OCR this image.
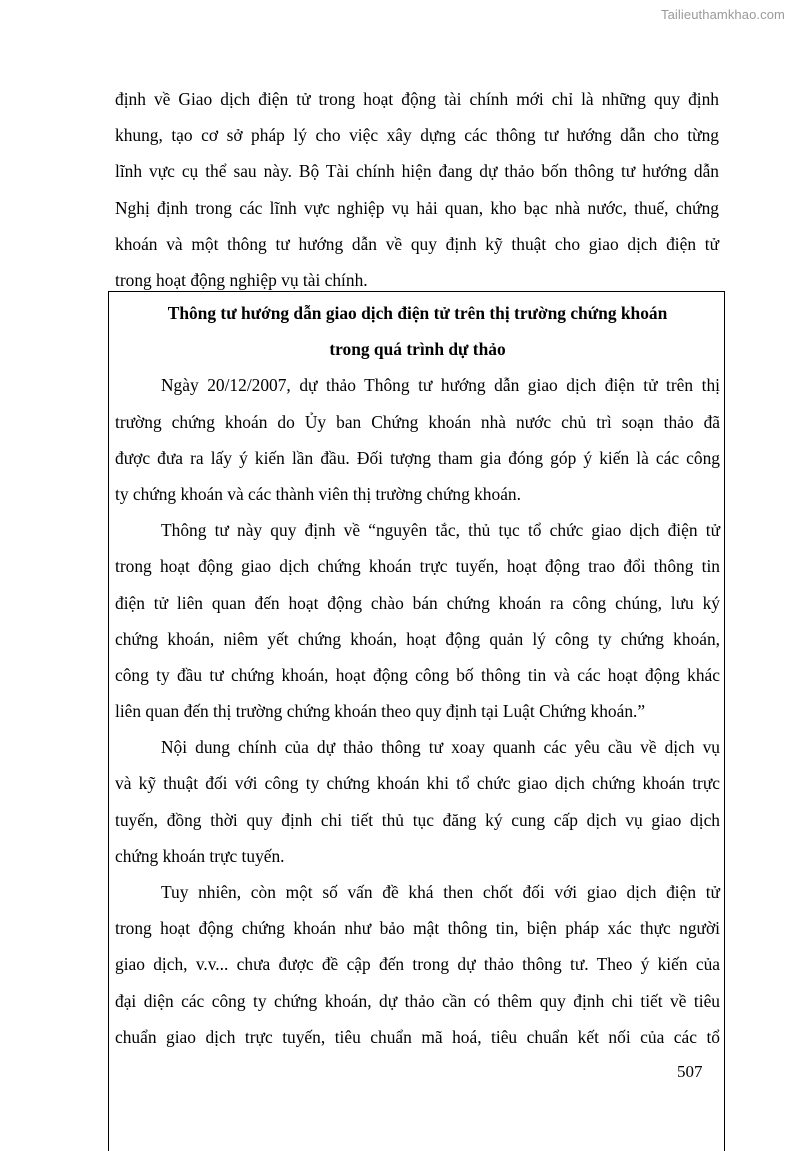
Tailieuthamkhao.com
định về Giao dịch điện tử trong hoạt động tài chính mới chỉ là những quy định
khung, tạo cơ sở pháp lý cho việc xây dựng các thông tư hướng dẫn cho từng
lĩnh vực cụ thể sau này. Bộ Tài chính hiện đang dự thảo bốn thông tư hướng dẫn
Nghị định trong các lĩnh vực nghiệp vụ hải quan, kho bạc nhà nước, thuế, chứng
khoán và một thông tư hướng dẫn về quy định kỹ thuật cho giao dịch điện tử
trong hoạt động nghiệp vụ tài chính.
Thông tư hướng dẫn giao dịch điện tử trên thị trường chứng khoán
trong quá trình dự thảo
Ngày 20/12/2007, dự thảo Thông tư hướng dẫn giao dịch điện tử trên thị
trường chứng khoán do Ủy ban Chứng khoán nhà nước chủ trì soạn thảo đã
được đưa ra lấy ý kiến lần đầu. Đối tượng tham gia đóng góp ý kiến là các công
ty chứng khoán và các thành viên thị trường chứng khoán.
Thông tư này quy định về “nguyên tắc, thủ tục tổ chức giao dịch điện tử
trong hoạt động giao dịch chứng khoán trực tuyến, hoạt động trao đổi thông tin
điện tử liên quan đến hoạt động chào bán chứng khoán ra công chúng, lưu ký
chứng khoán, niêm yết chứng khoán, hoạt động quản lý công ty chứng khoán,
công ty đầu tư chứng khoán, hoạt động công bố thông tin và các hoạt động khác
liên quan đến thị trường chứng khoán theo quy định tại Luật Chứng khoán.”
Nội dung chính của dự thảo thông tư xoay quanh các yêu cầu về dịch vụ
và kỹ thuật đối với công ty chứng khoán khi tổ chức giao dịch chứng khoán trực
tuyến, đồng thời quy định chi tiết thủ tục đăng ký cung cấp dịch vụ giao dịch
chứng khoán trực tuyến.
Tuy nhiên, còn một số vấn đề khá then chốt đối với giao dịch điện tử
trong hoạt động chứng khoán như bảo mật thông tin, biện pháp xác thực người
giao dịch, v.v... chưa được đề cập đến trong dự thảo thông tư. Theo ý kiến của
đại diện các công ty chứng khoán, dự thảo cần có thêm quy định chi tiết về tiêu
chuẩn giao dịch trực tuyến, tiêu chuẩn mã hoá, tiêu chuẩn kết nối của các tổ
507
